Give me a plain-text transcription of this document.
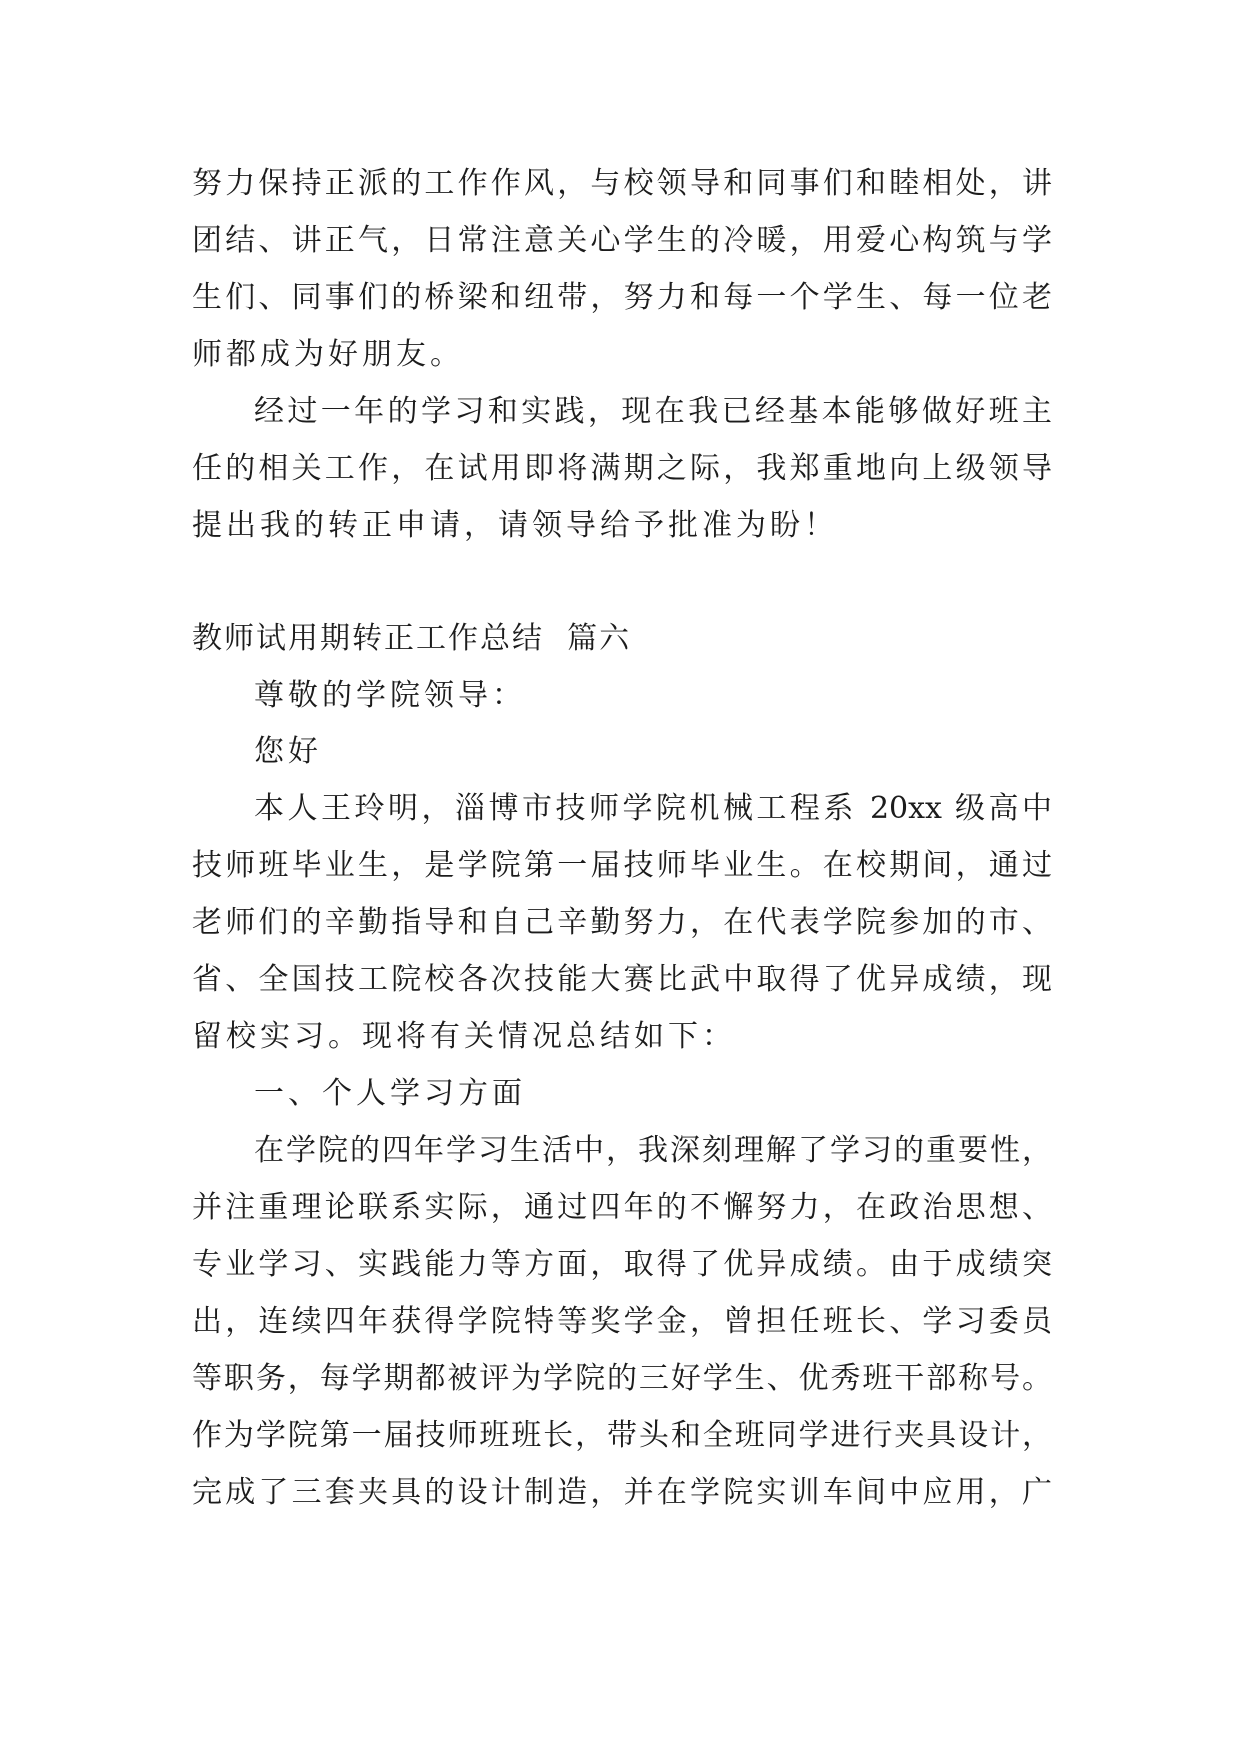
努力保持正派的工作作风，与校领导和同事们和睦相处，讲
团结、讲正气，日常注意关心学生的冷暖，用爱心构筑与学
生们、同事们的桥梁和纽带，努力和每一个学生、每一位老
师都成为好朋友。
经过一年的学习和实践，现在我已经基本能够做好班主
任的相关工作，在试用即将满期之际，我郑重地向上级领导
提出我的转正申请，请领导给予批准为盼！
教师试用期转正工作总结  篇六
尊敬的学院领导：
您好
本人王玲明，淄博市技师学院机械工程系 20xx 级高中
技师班毕业生，是学院第一届技师毕业生。在校期间，通过
老师们的辛勤指导和自己辛勤努力，在代表学院参加的市、
省、全国技工院校各次技能大赛比武中取得了优异成绩，现
留校实习。现将有关情况总结如下：
一、个人学习方面
在学院的四年学习生活中，我深刻理解了学习的重要性，
并注重理论联系实际，通过四年的不懈努力，在政治思想、
专业学习、实践能力等方面，取得了优异成绩。由于成绩突
出，连续四年获得学院特等奖学金，曾担任班长、学习委员
等职务，每学期都被评为学院的三好学生、优秀班干部称号。
作为学院第一届技师班班长，带头和全班同学进行夹具设计，
完成了三套夹具的设计制造，并在学院实训车间中应用，广
